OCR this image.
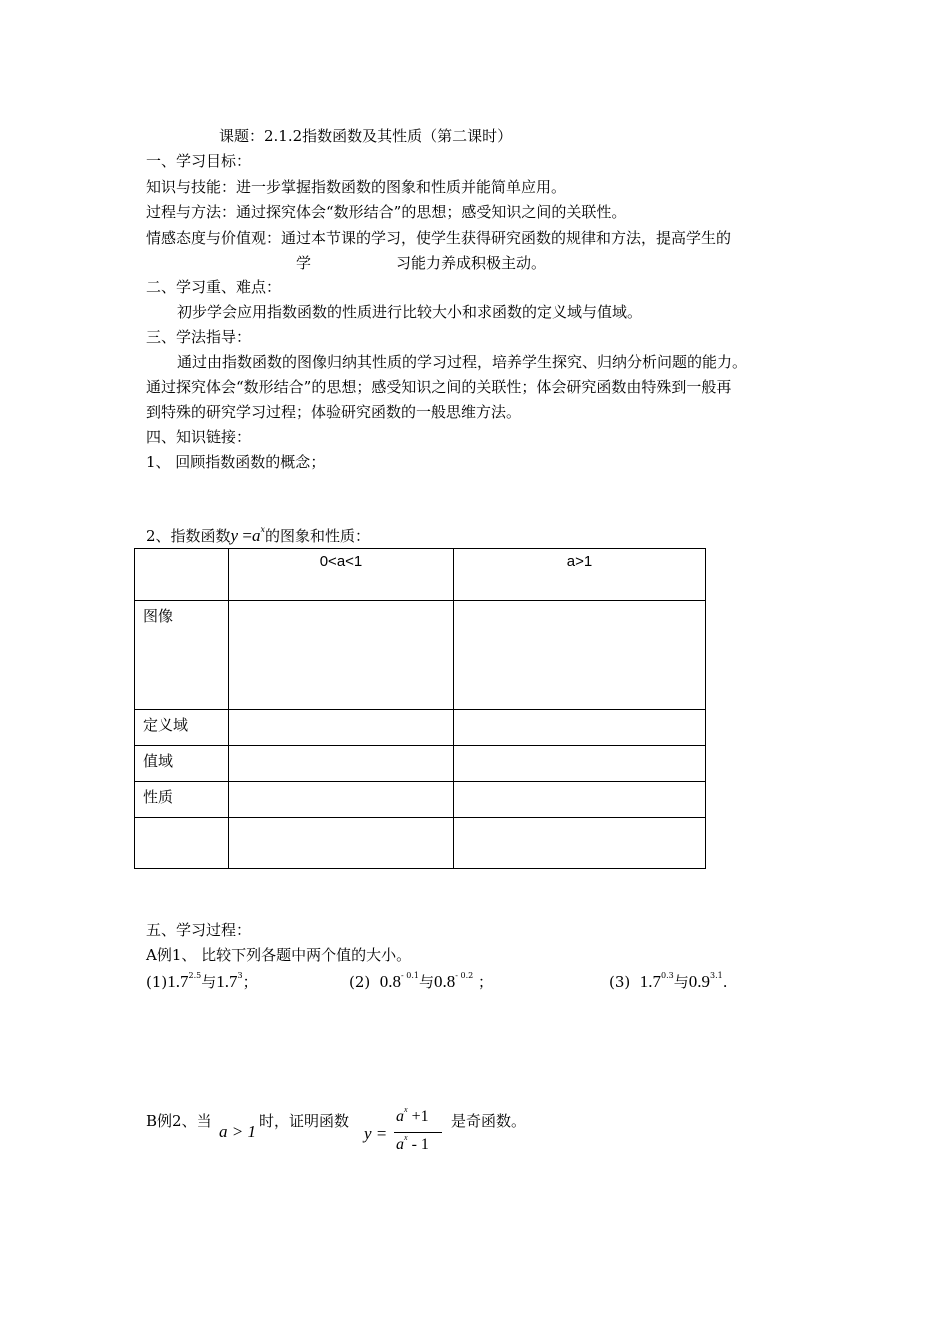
课题：2.1.2指数函数及其性质（第二课时）
一、学习目标：
知识与技能：进一步掌握指数函数的图象和性质并能简单应用。
过程与方法：通过探究体会“数形结合”的思想；感受知识之间的关联性。
情感态度与价值观：通过本节课的学习，使学生获得研究函数的规律和方法，提高学生的
学	习能力养成积极主动。
二、学习重、难点：
初步学会应用指数函数的性质进行比较大小和求函数的定义域与值域。
三、学法指导：
通过由指数函数的图像归纳其性质的学习过程，培养学生探究、归纳分析问题的能力。
通过探究体会“数形结合”的思想；感受知识之间的关联性；体会研究函数由特殊到一般再
到特殊的研究学习过程；体验研究函数的一般思维方法。
四、知识链接：
1、 回顾指数函数的概念；
2、指数函数$y =a^x$的图象和性质：
	0<a<1	a>1
图像		
定义域		
值域		
性质		

五、学习过程：
A例1、 比较下列各题中两个值的大小。
$(1)1.7^{2.5}$与$1.7^3$；	(2) $0.8^{- 0.1}$与$0.8^{- 0.2}$ ；	(3) $1.7^{0.3}$与$0.9^{3.1}$.
B例2、当
a > 1
时，证明函数
y =
$a^x +1$
$a^x - 1$
是奇函数。
